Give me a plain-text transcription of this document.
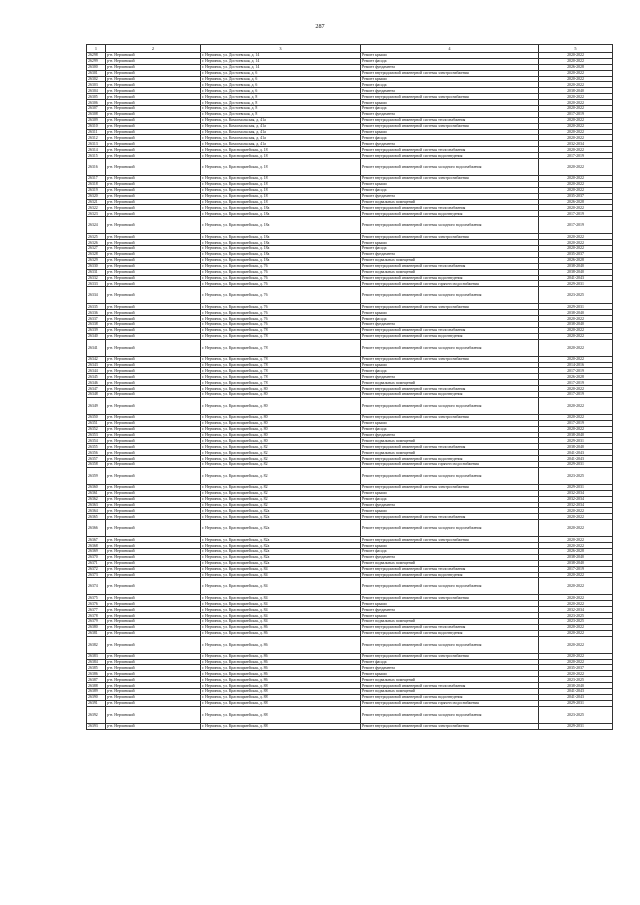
287
1	2	3	4	5
26298	р-н. Нерчинский	г. Нерчинск, ул. Достоевская, д. 14	Ремонт крыши	2020-2022
26299	р-н. Нерчинский	г. Нерчинск, ул. Достоевская, д. 14	Ремонт фасада	2020-2022
26300	р-н. Нерчинский	г. Нерчинск, ул. Достоевская, д. 14	Ремонт фундамента	2026-2028
26301	р-н. Нерчинский	г. Нерчинск, ул. Достоевская, д. 6	Ремонт внутридомовой инженерной системы электроснабжения	2020-2022
26302	р-н. Нерчинский	г. Нерчинск, ул. Достоевская, д. 6	Ремонт крыши	2020-2022
26303	р-н. Нерчинский	г. Нерчинск, ул. Достоевская, д. 6	Ремонт фасада	2020-2022
26304	р-н. Нерчинский	г. Нерчинск, ул. Достоевская, д. 6	Ремонт фундамента	2038-2040
26305	р-н. Нерчинский	г. Нерчинск, ул. Достоевская, д. 8	Ремонт внутридомовой инженерной системы электроснабжения	2020-2022
26306	р-н. Нерчинский	г. Нерчинск, ул. Достоевская, д. 8	Ремонт крыши	2020-2022
26307	р-н. Нерчинский	г. Нерчинск, ул. Достоевская, д. 8	Ремонт фасада	2020-2022
26308	р-н. Нерчинский	г. Нерчинск, ул. Достоевская, д. 8	Ремонт фундамента	2017-2019
26309	р-н. Нерчинский	г. Нерчинск, ул. Комсомольская, д. 41а	Ремонт внутридомовой инженерной системы теплоснабжения	2020-2022
26310	р-н. Нерчинский	г. Нерчинск, ул. Комсомольская, д. 41а	Ремонт внутридомовой инженерной системы электроснабжения	2020-2022
26311	р-н. Нерчинский	г. Нерчинск, ул. Комсомольская, д. 41а	Ремонт крыши	2020-2022
26312	р-н. Нерчинский	г. Нерчинск, ул. Комсомольская, д. 41а	Ремонт фасада	2020-2022
26313	р-н. Нерчинский	г. Нерчинск, ул. Комсомольская, д. 41а	Ремонт фундамента	2032-2034
26314	р-н. Нерчинский	г. Нерчинск, ул. Красноармейская, д. 18	Ремонт внутридомовой инженерной системы теплоснабжения	2020-2022
26315	р-н. Нерчинский	г. Нерчинск, ул. Красноармейская, д. 18	Ремонт внутридомовой инженерной системы водоотведения	2017-2019
26316	р-н. Нерчинский	г. Нерчинск, ул. Красноармейская, д. 18	Ремонт внутридомовой инженерной системы холодного водоснабжения	2020-2022
26317	р-н. Нерчинский	г. Нерчинск, ул. Красноармейская, д. 18	Ремонт внутридомовой инженерной системы электроснабжения	2020-2022
26318	р-н. Нерчинский	г. Нерчинск, ул. Красноармейская, д. 18	Ремонт крыши	2020-2022
26319	р-н. Нерчинский	г. Нерчинск, ул. Красноармейская, д. 18	Ремонт фасада	2020-2022
26320	р-н. Нерчинский	г. Нерчинск, ул. Красноармейская, д. 18	Ремонт фундамента	2035-2037
26321	р-н. Нерчинский	г. Нерчинск, ул. Красноармейская, д. 18	Ремонт подвальных помещений	2026-2028
26322	р-н. Нерчинский	г. Нерчинск, ул. Красноармейская, д. 18а	Ремонт внутридомовой инженерной системы теплоснабжения	2020-2022
26323	р-н. Нерчинский	г. Нерчинск, ул. Красноармейская, д. 18а	Ремонт внутридомовой инженерной системы водоотведения	2017-2019
26324	р-н. Нерчинский	г. Нерчинск, ул. Красноармейская, д. 18а	Ремонт внутридомовой инженерной системы холодного водоснабжения	2017-2019
26325	р-н. Нерчинский	г. Нерчинск, ул. Красноармейская, д. 18а	Ремонт внутридомовой инженерной системы электроснабжения	2020-2022
26326	р-н. Нерчинский	г. Нерчинск, ул. Красноармейская, д. 18а	Ремонт крыши	2020-2022
26327	р-н. Нерчинский	г. Нерчинск, ул. Красноармейская, д. 18а	Ремонт фасада	2020-2022
26328	р-н. Нерчинский	г. Нерчинск, ул. Красноармейская, д. 18а	Ремонт фундамента	2035-2037
26329	р-н. Нерчинский	г. Нерчинск, ул. Красноармейская, д. 18а	Ремонт подвальных помещений	2026-2028
26330	р-н. Нерчинский	г. Нерчинск, ул. Красноармейская, д. 76	Ремонт внутридомовой инженерной системы теплоснабжения	2038-2040
26331	р-н. Нерчинский	г. Нерчинск, ул. Красноармейская, д. 76	Ремонт подвальных помещений	2038-2040
26332	р-н. Нерчинский	г. Нерчинск, ул. Красноармейская, д. 76	Ремонт внутридомовой инженерной системы водоотведения	2041-2043
26333	р-н. Нерчинский	г. Нерчинск, ул. Красноармейская, д. 76	Ремонт внутридомовой инженерной системы горячего водоснабжения	2029-2031
26334	р-н. Нерчинский	г. Нерчинск, ул. Красноармейская, д. 76	Ремонт внутридомовой инженерной системы холодного водоснабжения	2023-2025
26335	р-н. Нерчинский	г. Нерчинск, ул. Красноармейская, д. 76	Ремонт внутридомовой инженерной системы электроснабжения	2029-2031
26336	р-н. Нерчинский	г. Нерчинск, ул. Красноармейская, д. 76	Ремонт крыши	2038-2040
26337	р-н. Нерчинский	г. Нерчинск, ул. Красноармейская, д. 76	Ремонт фасада	2020-2022
26338	р-н. Нерчинский	г. Нерчинск, ул. Красноармейская, д. 76	Ремонт фундамента	2038-2040
26339	р-н. Нерчинский	г. Нерчинск, ул. Красноармейская, д. 78	Ремонт внутридомовой инженерной системы теплоснабжения	2020-2022
26340	р-н. Нерчинский	г. Нерчинск, ул. Красноармейская, д. 78	Ремонт внутридомовой инженерной системы водоотведения	2020-2022
26341	р-н. Нерчинский	г. Нерчинск, ул. Красноармейская, д. 78	Ремонт внутридомовой инженерной системы холодного водоснабжения	2020-2022
26342	р-н. Нерчинский	г. Нерчинск, ул. Красноармейская, д. 78	Ремонт внутридомовой инженерной системы электроснабжения	2020-2022
26343	р-н. Нерчинский	г. Нерчинск, ул. Красноармейская, д. 78	Ремонт крыши	2014-2016
26344	р-н. Нерчинский	г. Нерчинск, ул. Красноармейская, д. 78	Ремонт фасада	2017-2019
26345	р-н. Нерчинский	г. Нерчинск, ул. Красноармейская, д. 78	Ремонт фундамента	2026-2028
26346	р-н. Нерчинский	г. Нерчинск, ул. Красноармейская, д. 78	Ремонт подвальных помещений	2017-2019
26347	р-н. Нерчинский	г. Нерчинск, ул. Красноармейская, д. 80	Ремонт внутридомовой инженерной системы теплоснабжения	2020-2022
26348	р-н. Нерчинский	г. Нерчинск, ул. Красноармейская, д. 80	Ремонт внутридомовой инженерной системы водоотведения	2017-2019
26349	р-н. Нерчинский	г. Нерчинск, ул. Красноармейская, д. 80	Ремонт внутридомовой инженерной системы холодного водоснабжения	2020-2022
26350	р-н. Нерчинский	г. Нерчинск, ул. Красноармейская, д. 80	Ремонт внутридомовой инженерной системы электроснабжения	2020-2022
26351	р-н. Нерчинский	г. Нерчинск, ул. Красноармейская, д. 80	Ремонт крыши	2017-2019
26352	р-н. Нерчинский	г. Нерчинск, ул. Красноармейская, д. 80	Ремонт фасада	2020-2022
26353	р-н. Нерчинский	г. Нерчинск, ул. Красноармейская, д. 80	Ремонт фундамента	2038-2040
26354	р-н. Нерчинский	г. Нерчинск, ул. Красноармейская, д. 80	Ремонт подвальных помещений	2029-2031
26355	р-н. Нерчинский	г. Нерчинск, ул. Красноармейская, д. 82	Ремонт внутридомовой инженерной системы теплоснабжения	2038-2040
26356	р-н. Нерчинский	г. Нерчинск, ул. Красноармейская, д. 82	Ремонт подвальных помещений	2041-2043
26357	р-н. Нерчинский	г. Нерчинск, ул. Красноармейская, д. 82	Ремонт внутридомовой инженерной системы водоотведения	2041-2043
26358	р-н. Нерчинский	г. Нерчинск, ул. Красноармейская, д. 82	Ремонт внутридомовой инженерной системы горячего водоснабжения	2029-2031
26359	р-н. Нерчинский	г. Нерчинск, ул. Красноармейская, д. 82	Ремонт внутридомовой инженерной системы холодного водоснабжения	2023-2025
26360	р-н. Нерчинский	г. Нерчинск, ул. Красноармейская, д. 82	Ремонт внутридомовой инженерной системы электроснабжения	2029-2031
26361	р-н. Нерчинский	г. Нерчинск, ул. Красноармейская, д. 82	Ремонт крыши	2032-2034
26362	р-н. Нерчинский	г. Нерчинск, ул. Красноармейская, д. 82	Ремонт фасада	2032-2034
26363	р-н. Нерчинский	г. Нерчинск, ул. Красноармейская, д. 82	Ремонт фундамента	2032-2034
26364	р-н. Нерчинский	г. Нерчинск, ул. Красноармейская, д. 82а	Ремонт крыши	2020-2022
26365	р-н. Нерчинский	г. Нерчинск, ул. Красноармейская, д. 82а	Ремонт внутридомовой инженерной системы теплоснабжения	2020-2022
26366	р-н. Нерчинский	г. Нерчинск, ул. Красноармейская, д. 82а	Ремонт внутридомовой инженерной системы холодного водоснабжения	2020-2022
26367	р-н. Нерчинский	г. Нерчинск, ул. Красноармейская, д. 82а	Ремонт внутридомовой инженерной системы электроснабжения	2020-2022
26368	р-н. Нерчинский	г. Нерчинск, ул. Красноармейская, д. 82а	Ремонт крыши	2020-2022
26369	р-н. Нерчинский	г. Нерчинск, ул. Красноармейская, д. 82а	Ремонт фасада	2026-2028
26370	р-н. Нерчинский	г. Нерчинск, ул. Красноармейская, д. 82а	Ремонт фундамента	2038-2040
26371	р-н. Нерчинский	г. Нерчинск, ул. Красноармейская, д. 82а	Ремонт подвальных помещений	2038-2040
26372	р-н. Нерчинский	г. Нерчинск, ул. Красноармейская, д. 84	Ремонт внутридомовой инженерной системы теплоснабжения	2017-2019
26373	р-н. Нерчинский	г. Нерчинск, ул. Красноармейская, д. 84	Ремонт внутридомовой инженерной системы водоотведения	2020-2022
26374	р-н. Нерчинский	г. Нерчинск, ул. Красноармейская, д. 84	Ремонт внутридомовой инженерной системы холодного водоснабжения	2020-2022
26375	р-н. Нерчинский	г. Нерчинск, ул. Красноармейская, д. 84	Ремонт внутридомовой инженерной системы электроснабжения	2020-2022
26376	р-н. Нерчинский	г. Нерчинск, ул. Красноармейская, д. 84	Ремонт крыши	2020-2022
26377	р-н. Нерчинский	г. Нерчинск, ул. Красноармейская, д. 84	Ремонт фундамента	2032-2034
26378	р-н. Нерчинский	г. Нерчинск, ул. Красноармейская, д. 84	Ремонт крыши	2023-2025
26379	р-н. Нерчинский	г. Нерчинск, ул. Красноармейская, д. 84	Ремонт подвальных помещений	2023-2025
26380	р-н. Нерчинский	г. Нерчинск, ул. Красноармейская, д. 86	Ремонт внутридомовой инженерной системы теплоснабжения	2020-2022
26381	р-н. Нерчинский	г. Нерчинск, ул. Красноармейская, д. 86	Ремонт внутридомовой инженерной системы водоотведения	2020-2022
26382	р-н. Нерчинский	г. Нерчинск, ул. Красноармейская, д. 86	Ремонт внутридомовой инженерной системы холодного водоснабжения	2020-2022
26383	р-н. Нерчинский	г. Нерчинск, ул. Красноармейская, д. 86	Ремонт внутридомовой инженерной системы электроснабжения	2020-2022
26384	р-н. Нерчинский	г. Нерчинск, ул. Красноармейская, д. 86	Ремонт фасада	2020-2022
26385	р-н. Нерчинский	г. Нерчинск, ул. Красноармейская, д. 86	Ремонт фундамента	2035-2037
26386	р-н. Нерчинский	г. Нерчинск, ул. Красноармейская, д. 86	Ремонт крыши	2020-2022
26387	р-н. Нерчинский	г. Нерчинск, ул. Красноармейская, д. 86	Ремонт подвальных помещений	2023-2025
26388	р-н. Нерчинский	г. Нерчинск, ул. Красноармейская, д. 88	Ремонт внутридомовой инженерной системы теплоснабжения	2038-2040
26389	р-н. Нерчинский	г. Нерчинск, ул. Красноармейская, д. 88	Ремонт подвальных помещений	2041-2043
26390	р-н. Нерчинский	г. Нерчинск, ул. Красноармейская, д. 88	Ремонт внутридомовой инженерной системы водоотведения	2041-2043
26391	р-н. Нерчинский	г. Нерчинск, ул. Красноармейская, д. 88	Ремонт внутридомовой инженерной системы горячего водоснабжения	2029-2031
26392	р-н. Нерчинский	г. Нерчинск, ул. Красноармейская, д. 88	Ремонт внутридомовой инженерной системы холодного водоснабжения	2023-2025
26393	р-н. Нерчинский	г. Нерчинск, ул. Красноармейская, д. 88	Ремонт внутридомовой инженерной системы электроснабжения	2029-2031
